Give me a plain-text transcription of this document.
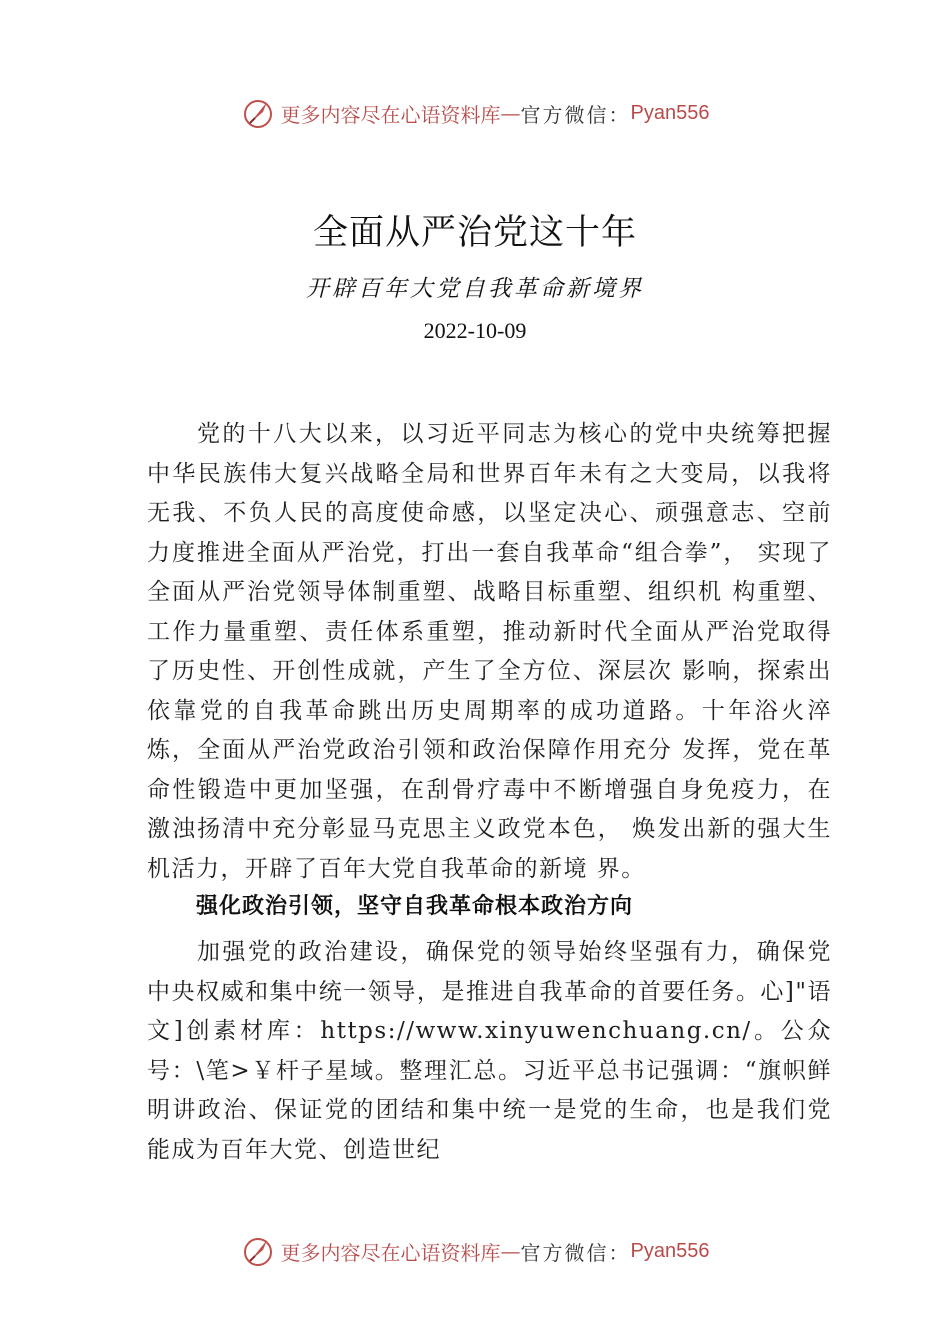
更多内容尽在心语资料库 — 官方微信： Pyan556
全面从严治党这十年
开辟百年大党自我革命新境界
2022-10-09
党的十八大以来，以习近平同志为核心的党中央统筹把握中华民族伟大复兴战略全局和世界百年未有之大变局，以我将无我、不负人民的高度使命感，以坚定决心、顽强意志、空前力度推进全面从严治党，打出一套自我革命“组合拳”， 实现了全面从严治党领导体制重塑、战略目标重塑、组织机 构重塑、工作力量重塑、责任体系重塑，推动新时代全面从严治党取得了历史性、开创性成就，产生了全方位、深层次 影响，探索出依靠党的自我革命跳出历史周期率的成功道路。十年浴火淬炼，全面从严治党政治引领和政治保障作用充分 发挥，党在革命性锻造中更加坚强，在刮骨疗毒中不断增强自身免疫力，在激浊扬清中充分彰显马克思主义政党本色， 焕发出新的强大生机活力，开辟了百年大党自我革命的新境 界。
强化政治引领，坚守自我革命根本政治方向
加强党的政治建设，确保党的领导始终坚强有力，确保党中央权威和集中统一领导，是推进自我革命的首要任务。心]"语文]创素材库：https://www.xinyuwenchuang.cn/。公众号：\笔>￥杆子星域。整理汇总。习近平总书记强调：“旗帜鲜明讲政治、保证党的团结和集中统一是党的生命，也是我们党能成为百年大党、创造世纪
更多内容尽在心语资料库 — 官方微信： Pyan556
